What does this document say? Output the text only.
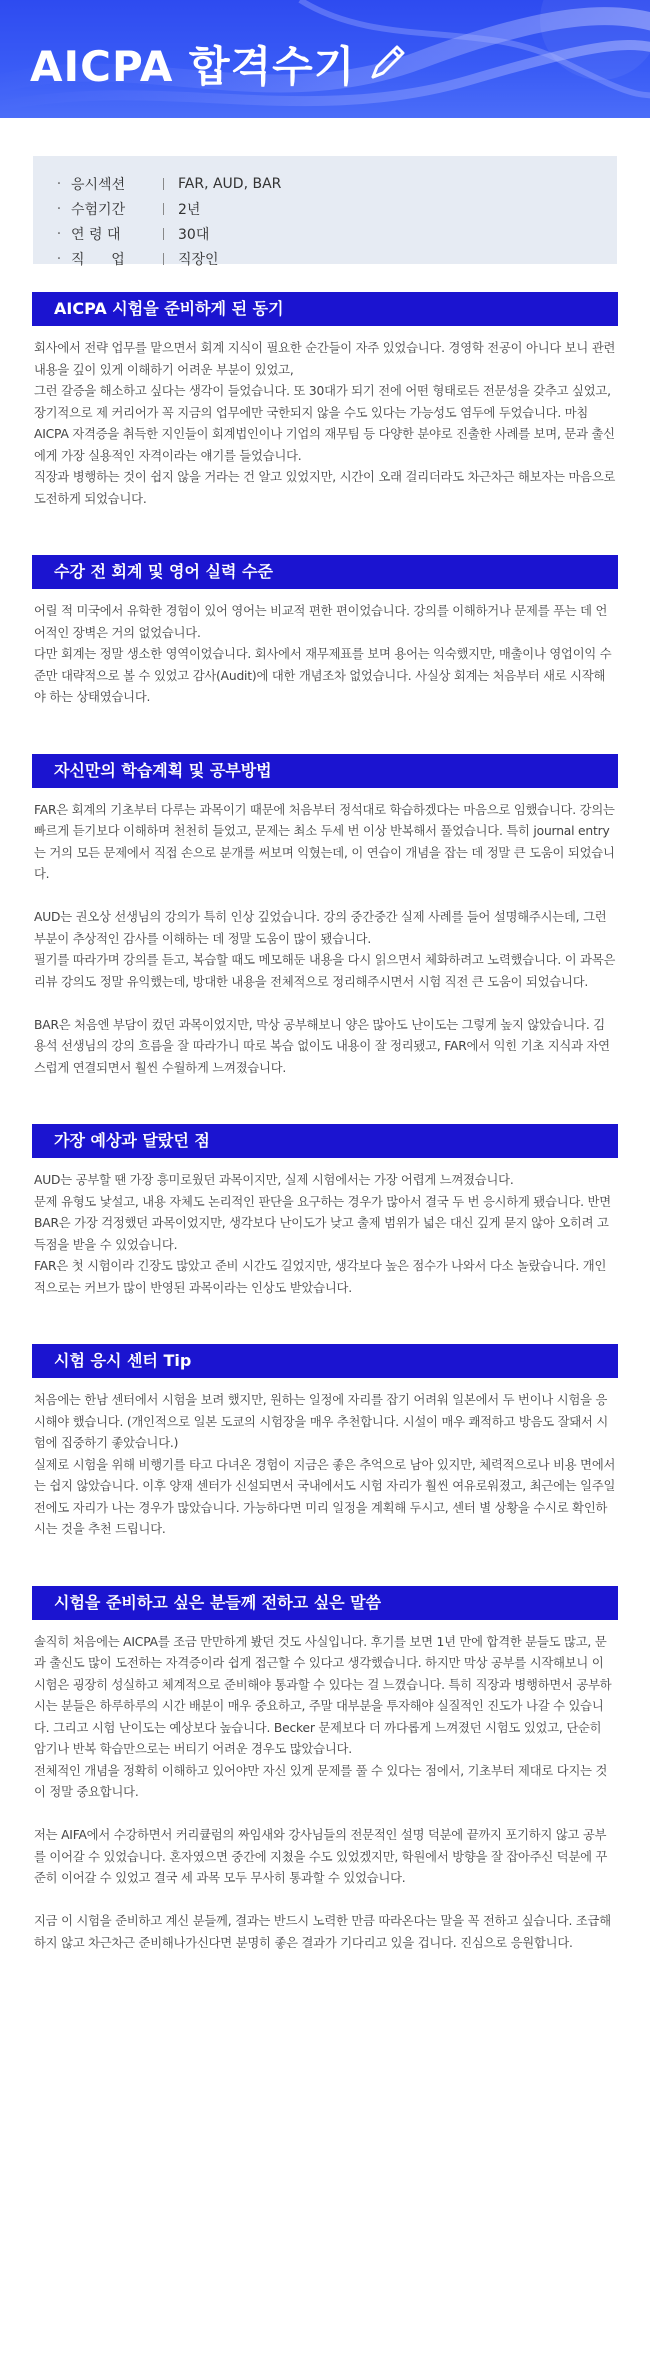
AICPA 합격수기
· 응시섹션	FAR, AUD, BAR
· 수험기간	2년
· 연 령 대	30대
· 직      업	직장인
AICPA 시험을 준비하게 된 동기

회사에서 전략 업무를 맡으면서 회계 지식이 필요한 순간들이 자주 있었습니다. 경영학 전공이 아니다 보니 관련 내용을 깊이 있게 이해하기 어려운 부분이 있었고,

그런 갈증을 해소하고 싶다는 생각이 들었습니다. 또 30대가 되기 전에 어떤 형태로든 전문성을 갖추고 싶었고, 장기적으로 제 커리어가 꼭 지금의 업무에만 국한되지 않을 수도 있다는 가능성도 염두에 두었습니다. 마침 AICPA 자격증을 취득한 지인들이 회계법인이나 기업의 재무팀 등 다양한 분야로 진출한 사례를 보며, 문과 출신에게 가장 실용적인 자격이라는 얘기를 들었습니다.

직장과 병행하는 것이 쉽지 않을 거라는 건 알고 있었지만, 시간이 오래 걸리더라도 차근차근 해보자는 마음으로 도전하게 되었습니다.

수강 전 회계 및 영어 실력 수준

어릴 적 미국에서 유학한 경험이 있어 영어는 비교적 편한 편이었습니다. 강의를 이해하거나 문제를 푸는 데 언어적인 장벽은 거의 없었습니다.

다만 회계는 정말 생소한 영역이었습니다. 회사에서 재무제표를 보며 용어는 익숙했지만, 매출이나 영업이익 수준만 대략적으로 볼 수 있었고 감사(Audit)에 대한 개념조차 없었습니다. 사실상 회계는 처음부터 새로 시작해야 하는 상태였습니다.

자신만의 학습계획 및 공부방법

FAR은 회계의 기초부터 다루는 과목이기 때문에 처음부터 정석대로 학습하겠다는 마음으로 임했습니다. 강의는 빠르게 듣기보다 이해하며 천천히 들었고, 문제는 최소 두세 번 이상 반복해서 풀었습니다. 특히 journal entry는 거의 모든 문제에서 직접 손으로 분개를 써보며 익혔는데, 이 연습이 개념을 잡는 데 정말 큰 도움이 되었습니다.

AUD는 권오상 선생님의 강의가 특히 인상 깊었습니다. 강의 중간중간 실제 사례를 들어 설명해주시는데, 그런 부분이 추상적인 감사를 이해하는 데 정말 도움이 많이 됐습니다.

필기를 따라가며 강의를 듣고, 복습할 때도 메모해둔 내용을 다시 읽으면서 체화하려고 노력했습니다. 이 과목은 리뷰 강의도 정말 유익했는데, 방대한 내용을 전체적으로 정리해주시면서 시험 직전 큰 도움이 되었습니다.

BAR은 처음엔 부담이 컸던 과목이었지만, 막상 공부해보니 양은 많아도 난이도는 그렇게 높지 않았습니다. 김용석 선생님의 강의 흐름을 잘 따라가니 따로 복습 없이도 내용이 잘 정리됐고, FAR에서 익힌 기초 지식과 자연스럽게 연결되면서 훨씬 수월하게 느껴졌습니다.

가장 예상과 달랐던 점

AUD는 공부할 땐 가장 흥미로웠던 과목이지만, 실제 시험에서는 가장 어렵게 느껴졌습니다.

문제 유형도 낯설고, 내용 자체도 논리적인 판단을 요구하는 경우가 많아서 결국 두 번 응시하게 됐습니다. 반면 BAR은 가장 걱정했던 과목이었지만, 생각보다 난이도가 낮고 출제 범위가 넓은 대신 깊게 묻지 않아 오히려 고득점을 받을 수 있었습니다.

FAR은 첫 시험이라 긴장도 많았고 준비 시간도 길었지만, 생각보다 높은 점수가 나와서 다소 놀랐습니다. 개인적으로는 커브가 많이 반영된 과목이라는 인상도 받았습니다.

시험 응시 센터 Tip

처음에는 한남 센터에서 시험을 보려 했지만, 원하는 일정에 자리를 잡기 어려워 일본에서 두 번이나 시험을 응시해야 했습니다. (개인적으로 일본 도쿄의 시험장을 매우 추천합니다. 시설이 매우 쾌적하고 방음도 잘돼서 시험에 집중하기 좋았습니다.)

실제로 시험을 위해 비행기를 타고 다녀온 경험이 지금은 좋은 추억으로 남아 있지만, 체력적으로나 비용 면에서는 쉽지 않았습니다. 이후 양재 센터가 신설되면서 국내에서도 시험 자리가 훨씬 여유로워졌고, 최근에는 일주일 전에도 자리가 나는 경우가 많았습니다. 가능하다면 미리 일정을 계획해 두시고, 센터 별 상황을 수시로 확인하시는 것을 추천 드립니다.

시험을 준비하고 싶은 분들께 전하고 싶은 말씀

솔직히 처음에는 AICPA를 조금 만만하게 봤던 것도 사실입니다. 후기를 보면 1년 만에 합격한 분들도 많고, 문과 출신도 많이 도전하는 자격증이라 쉽게 접근할 수 있다고 생각했습니다. 하지만 막상 공부를 시작해보니 이 시험은 굉장히 성실하고 체계적으로 준비해야 통과할 수 있다는 걸 느꼈습니다. 특히 직장과 병행하면서 공부하시는 분들은 하루하루의 시간 배분이 매우 중요하고, 주말 대부분을 투자해야 실질적인 진도가 나갈 수 있습니다. 그리고 시험 난이도는 예상보다 높습니다. Becker 문제보다 더 까다롭게 느껴졌던 시험도 있었고, 단순히 암기나 반복 학습만으로는 버티기 어려운 경우도 많았습니다.

전체적인 개념을 정확히 이해하고 있어야만 자신 있게 문제를 풀 수 있다는 점에서, 기초부터 제대로 다지는 것이 정말 중요합니다.

저는 AIFA에서 수강하면서 커리큘럼의 짜임새와 강사님들의 전문적인 설명 덕분에 끝까지 포기하지 않고 공부를 이어갈 수 있었습니다. 혼자였으면 중간에 지쳤을 수도 있었겠지만, 학원에서 방향을 잘 잡아주신 덕분에 꾸준히 이어갈 수 있었고 결국 세 과목 모두 무사히 통과할 수 있었습니다.

지금 이 시험을 준비하고 계신 분들께, 결과는 반드시 노력한 만큼 따라온다는 말을 꼭 전하고 싶습니다. 조급해하지 않고 차근차근 준비해나가신다면 분명히 좋은 결과가 기다리고 있을 겁니다. 진심으로 응원합니다.
